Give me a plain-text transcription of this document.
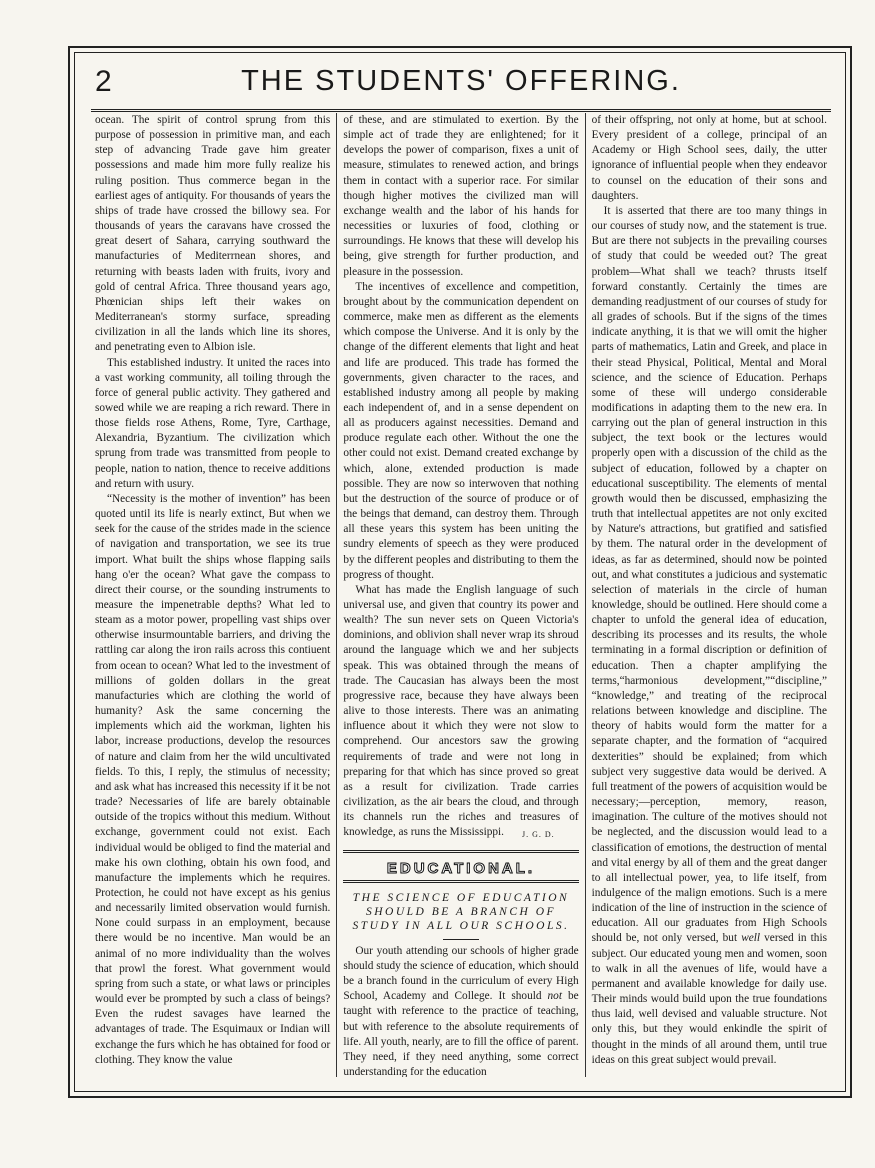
2	THE STUDENTS' OFFERING.

ocean. The spirit of control sprung from this purpose of possession in primitive man, and each step of advancing Trade gave him greater possessions and made him more fully realize his ruling position. Thus commerce began in the earliest ages of antiquity. For thousands of years the ships of trade have crossed the billowy sea. For thousands of years the caravans have crossed the great desert of Sahara, carrying southward the manufacturies of Mediterrnean shores, and returning with beasts laden with fruits, ivory and gold of central Africa. Three thousand years ago, Phœnician ships left their wakes on Mediterranean's stormy surface, spreading civilization in all the lands which line its shores, and penetrating even to Albion isle.

This established industry. It united the races into a vast working community, all toiling through the force of general public activity. They gathered and sowed while we are reaping a rich reward. There in those fields rose Athens, Rome, Tyre, Carthage, Alexandria, Byzantium. The civilization which sprung from trade was transmitted from people to people, nation to nation, thence to receive additions and return with usury.

“Necessity is the mother of invention” has been quoted until its life is nearly extinct, But when we seek for the cause of the strides made in the science of navigation and transportation, we see its true import. What built the ships whose flapping sails hang o'er the ocean? What gave the compass to direct their course, or the sounding instruments to measure the impenetrable depths? What led to steam as a motor power, propelling vast ships over otherwise insurmountable barriers, and driving the rattling car along the iron rails across this contiuent from ocean to ocean? What led to the investment of millions of golden dollars in the great manufacturies which are clothing the world of humanity? Ask the same concerning the implements which aid the workman, lighten his labor, increase productions, develop the resources of nature and claim from her the wild uncultivated fields. To this, I reply, the stimulus of necessity; and ask what has increased this necessity if it be not trade? Necessaries of life are barely obtainable outside of the tropics without this medium. Without exchange, government could not exist. Each individual would be obliged to find the material and make his own clothing, obtain his own food, and manufacture the implements which he requires. Protection, he could not have except as his genius and necessarily limited observation would furnish. None could surpass in an employment, because there would be no incentive. Man would be an animal of no more individuality than the wolves that prowl the forest. What government would spring from such a state, or what laws or principles would ever be prompted by such a class of beings? Even the rudest savages have learned the advantages of trade. The Esquimaux or Indian will exchange the furs which he has obtained for food or clothing. They know the value

of these, and are stimulated to exertion. By the simple act of trade they are enlightened; for it develops the power of comparison, fixes a unit of measure, stimulates to renewed action, and brings them in contact with a superior race. For similar though higher motives the civilized man will exchange wealth and the labor of his hands for necessities or luxuries of food, clothing or surroundings. He knows that these will develop his being, give strength for further production, and pleasure in the possession.

The incentives of excellence and competition, brought about by the communication dependent on commerce, make men as different as the elements which compose the Universe. And it is only by the change of the different elements that light and heat and life are produced. This trade has formed the governments, given character to the races, and established industry among all people by making each independent of, and in a sense dependent on all as producers against necessities. Demand and produce regulate each other. Without the one the other could not exist. Demand created exchange by which, alone, extended production is made possible. They are now so interwoven that nothing but the destruction of the source of produce or of the beings that demand, can destroy them. Through all these years this system has been uniting the sundry elements of speech as they were produced by the different peoples and distributing to them the progress of thought.

What has made the English language of such universal use, and given that country its power and wealth? The sun never sets on Queen Victoria's dominions, and oblivion shall never wrap its shroud around the language which we and her subjects speak. This was obtained through the means of trade. The Caucasian has always been the most progressive race, because they have always been alive to those interests. There was an animating influence about it which they were not slow to comprehend. Our ancestors saw the growing requirements of trade and were not long in preparing for that which has since proved so great as a result for civilization. Trade carries civilization, as the air bears the cloud, and through its channels run the riches and treasures of knowledge, as runs the Mississippi.	J. G. D.
EDUCATIONAL.
THE SCIENCE OF EDUCATION SHOULD BE A BRANCH OF STUDY IN ALL OUR SCHOOLS.

Our youth attending our schools of higher grade should study the science of education, which should be a branch found in the curriculum of every High School, Academy and College. It should not be taught with reference to the practice of teaching, but with reference to the absolute requirements of life. All youth, nearly, are to fill the office of parent. They need, if they need anything, some correct understanding for the education

of their offspring, not only at home, but at school. Every president of a college, principal of an Academy or High School sees, daily, the utter ignorance of influential people when they endeavor to counsel on the education of their sons and daughters.

It is asserted that there are too many things in our courses of study now, and the statement is true. But are there not subjects in the prevailing courses of study that could be weeded out? The great problem—What shall we teach? thrusts itself forward constantly. Certainly the times are demanding readjustment of our courses of study for all grades of schools. But if the signs of the times indicate anything, it is that we will omit the higher parts of mathematics, Latin and Greek, and place in their stead Physical, Political, Mental and Moral science, and the science of Education. Perhaps some of these will undergo considerable modifications in adapting them to the new era. In carrying out the plan of general instruction in this subject, the text book or the lectures would properly open with a discussion of the child as the subject of education, followed by a chapter on educational susceptibility. The elements of mental growth would then be discussed, emphasizing the truth that intellectual appetites are not only excited by Nature's attractions, but gratified and satisfied by them. The natural order in the development of ideas, as far as determined, should now be pointed out, and what constitutes a judicious and systematic selection of materials in the circle of human knowledge, should be outlined. Here should come a chapter to unfold the general idea of education, describing its processes and its results, the whole terminating in a formal discription or definition of education. Then a chapter amplifying the terms,“harmonious development,”“discipline,” “knowledge,” and treating of the reciprocal relations between knowledge and discipline. The theory of habits would form the matter for a separate chapter, and the formation of “acquired dexterities” should be explained; from which subject very suggestive data would be derived. A full treatment of the powers of acquisition would be necessary;—perception, memory, reason, imagination. The culture of the motives should not be neglected, and the discussion would lead to a classification of emotions, the destruction of mental and vital energy by all of them and the great danger to all intellectual power, yea, to life itself, from indulgence of the malign emotions. Such is a mere indication of the line of instruction in the science of education. All our graduates from High Schools should be, not only versed, but well versed in this subject. Our educated young men and women, soon to walk in all the avenues of life, would have a permanent and available knowledge for daily use. Their minds would build upon the true foundations thus laid, well devised and valuable structure. Not only this, but they would enkindle the spirit of thought in the minds of all around them, until true ideas on this great subject would prevail.
